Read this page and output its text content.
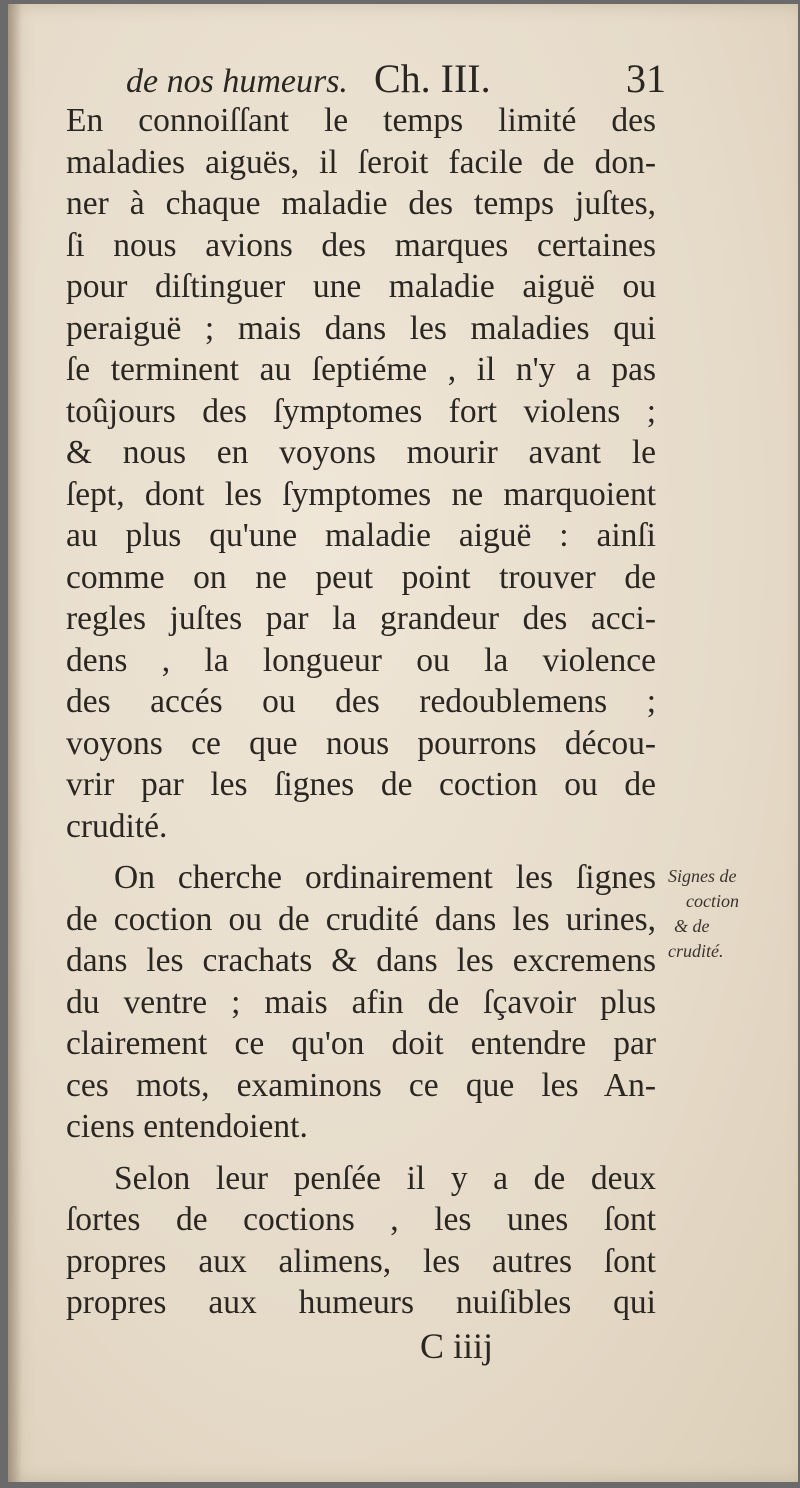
de nos humeurs. Ch. III.	31
En connoiſſant le temps limité des
maladies aiguës, il ſeroit facile de don-
ner à chaque maladie des temps juſtes,
ſi nous avions des marques certaines
pour diſtinguer une maladie aiguë ou
peraiguë ; mais dans les maladies qui
ſe terminent au ſeptiéme , il n'y a pas
toûjours des ſymptomes fort violens ;
& nous en voyons mourir avant le
ſept, dont les ſymptomes ne marquoient
au plus qu'une maladie aiguë : ainſi
comme on ne peut point trouver de
regles juſtes par la grandeur des acci-
dens , la longueur ou la violence
des accés ou des redoublemens ;
voyons ce que nous pourrons décou-
vrir par les ſignes de coction ou de
crudité.
On cherche ordinairement les ſignes
de coction ou de crudité dans les urines,
dans les crachats & dans les excremens
du ventre ; mais afin de ſçavoir plus
clairement ce qu'on doit entendre par
ces mots, examinons ce que les An-
ciens entendoient.
Selon leur penſée il y a de deux
ſortes de coctions , les unes ſont
propres aux alimens, les autres ſont
propres aux humeurs nuiſibles qui
Signes de
coction
& de
crudité.
C iiij
